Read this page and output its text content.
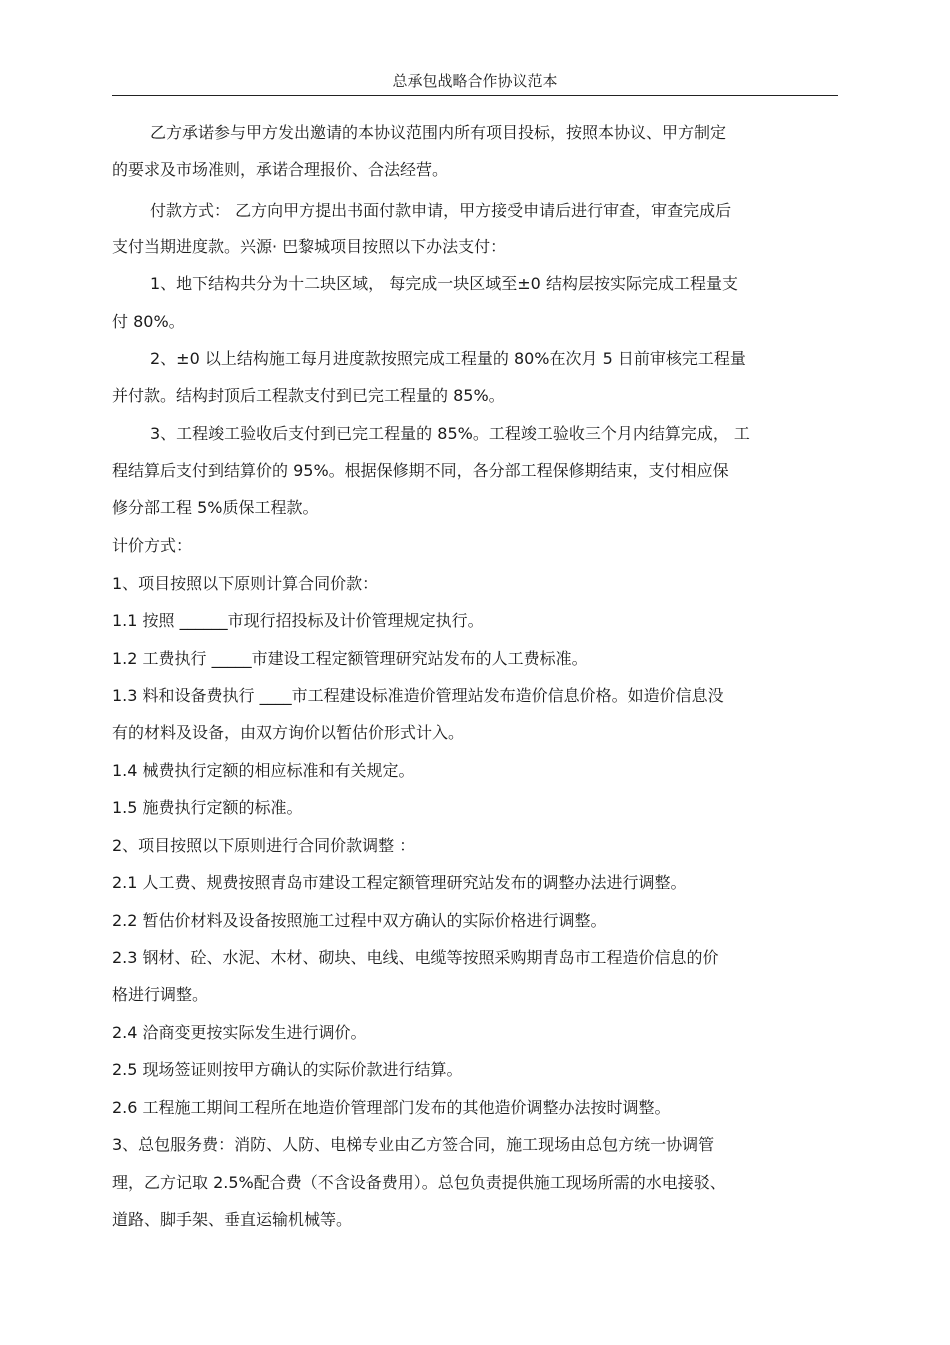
总承包战略合作协议范本
乙方承诺参与甲方发出邀请的本协议范围内所有项目投标，按照本协议、甲方制定
的要求及市场准则，承诺合理报价、合法经营。
付款方式： 乙方向甲方提出书面付款申请，甲方接受申请后进行审查，审查完成后
支付当期进度款。兴源· 巴黎城项目按照以下办法支付：
1、地下结构共分为十二块区域， 每完成一块区域至±0 结构层按实际完成工程量支
付 80%。
2、±0 以上结构施工每月进度款按照完成工程量的 80%在次月 5 日前审核完工程量
并付款。结构封顶后工程款支付到已完工程量的 85%。
3、工程竣工验收后支付到已完工程量的 85%。工程竣工验收三个月内结算完成， 工
程结算后支付到结算价的 95%。根据保修期不同，各分部工程保修期结束，支付相应保
修分部工程 5%质保工程款。
计价方式：
1、项目按照以下原则计算合同价款：
1.1 按照 ______市现行招投标及计价管理规定执行。
1.2 工费执行 _____市建设工程定额管理研究站发布的人工费标准。
1.3 料和设备费执行 ____市工程建设标准造价管理站发布造价信息价格。如造价信息没
有的材料及设备，由双方询价以暂估价形式计入。
1.4 械费执行定额的相应标准和有关规定。
1.5 施费执行定额的标准。
2、项目按照以下原则进行合同价款调整 ：
2.1 人工费、规费按照青岛市建设工程定额管理研究站发布的调整办法进行调整。
2.2 暂估价材料及设备按照施工过程中双方确认的实际价格进行调整。
2.3 钢材、砼、水泥、木材、砌块、电线、电缆等按照采购期青岛市工程造价信息的价
格进行调整。
2.4 洽商变更按实际发生进行调价。
2.5 现场签证则按甲方确认的实际价款进行结算。
2.6 工程施工期间工程所在地造价管理部门发布的其他造价调整办法按时调整。
3、总包服务费：消防、人防、电梯专业由乙方签合同，施工现场由总包方统一协调管
理，乙方记取 2.5%配合费（不含设备费用）。总包负责提供施工现场所需的水电接驳、
道路、脚手架、垂直运输机械等。
